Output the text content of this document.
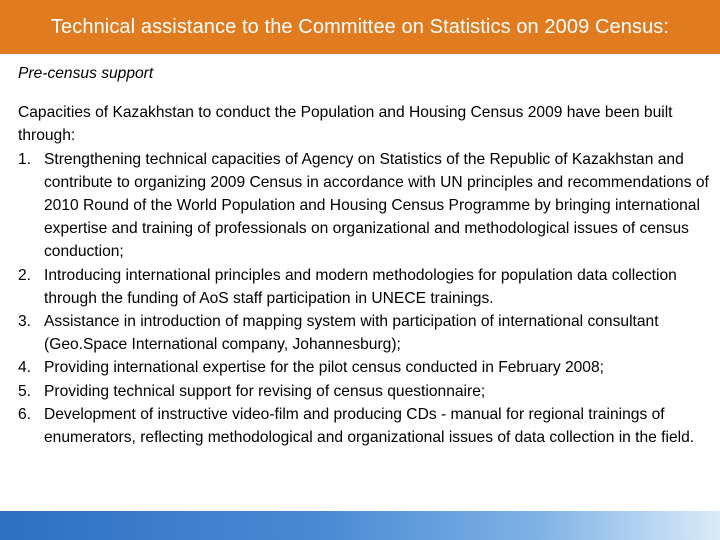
Technical assistance to the Committee on Statistics on 2009 Census:

Pre-census support

Capacities of Kazakhstan to conduct the Population and Housing Census 2009 have been built through:

1. Strengthening technical capacities of Agency on Statistics of the Republic of Kazakhstan and contribute to organizing 2009 Census in accordance with UN principles and recommendations of 2010 Round of the World Population and Housing Census Programme by bringing international expertise and training of professionals on organizational and methodological issues of census conduction;
2. Introducing international principles and modern methodologies for population data collection through the funding of AoS staff participation in UNECE trainings.
3. Assistance in introduction of mapping system with participation of international consultant (Geo.Space International company, Johannesburg);
4. Providing international expertise for the pilot census conducted in February 2008;
5. Providing technical support for revising of census questionnaire;
6. Development of instructive video-film and producing CDs - manual for regional trainings of enumerators, reflecting methodological and organizational issues of data collection in the field.
